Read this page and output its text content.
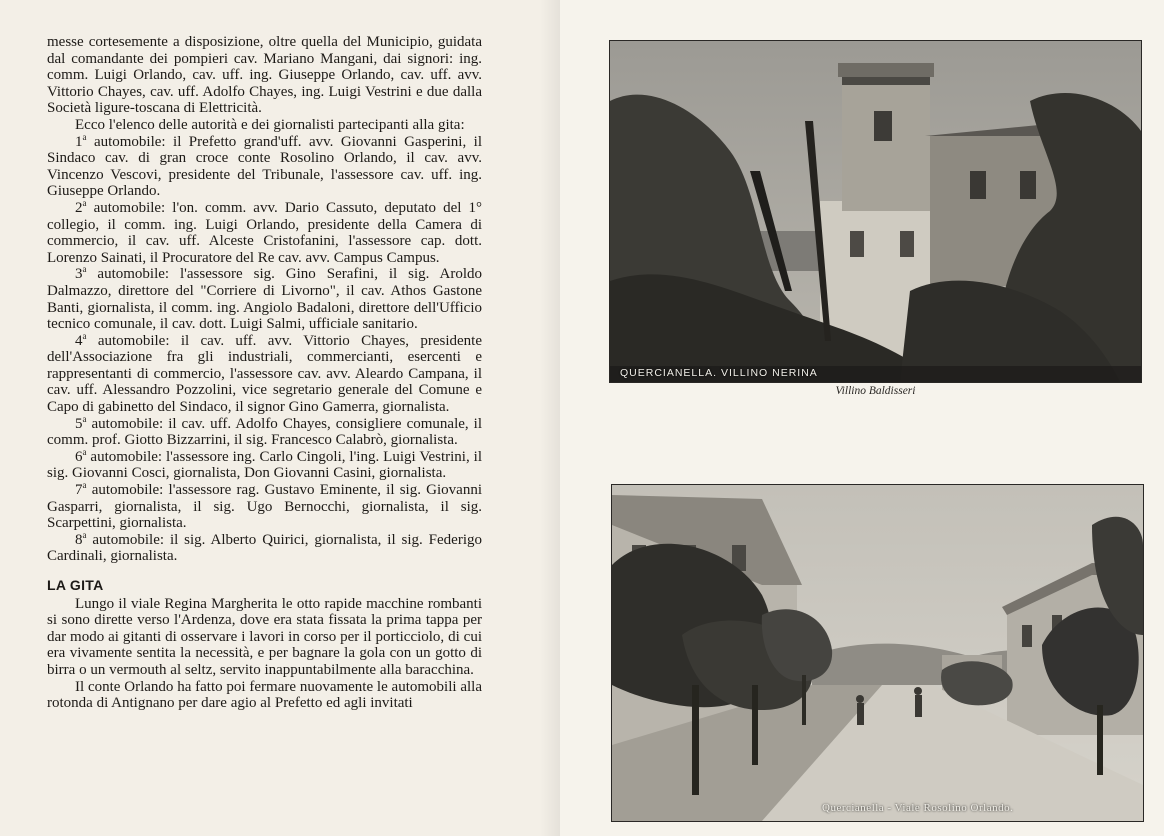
messe cortesemente a disposizione, oltre quella del Municipio, guidata dal comandante dei pompieri cav. Mariano Mangani, dai signori: ing. comm. Luigi Orlando, cav. uff. ing. Giuseppe Orlando, cav. uff. avv. Vittorio Chayes, cav. uff. Adolfo Chayes, ing. Luigi Vestrini e due dalla Società ligure-toscana di Elettricità.

Ecco l'elenco delle autorità e dei giornalisti partecipanti alla gita:

1$^a$ automobile: il Prefetto grand'uff. avv. Giovanni Gasperini, il Sindaco cav. di gran croce conte Rosolino Orlando, il cav. avv. Vincenzo Vescovi, presidente del Tribunale, l'assessore cav. uff. ing. Giuseppe Orlando.

2$^a$ automobile: l'on. comm. avv. Dario Cassuto, deputato del 1° collegio, il comm. ing. Luigi Orlando, presidente della Camera di commercio, il cav. uff. Alceste Cristofanini, l'assessore cap. dott. Lorenzo Sainati, il Procuratore del Re cav. avv. Campus Campus.

3$^a$ automobile: l'assessore sig. Gino Serafini, il sig. Aroldo Dalmazzo, direttore del "Corriere di Livorno", il cav. Athos Gastone Banti, giornalista, il comm. ing. Angiolo Badaloni, direttore dell'Ufficio tecnico comunale, il cav. dott. Luigi Salmi, ufficiale sanitario.

4$^a$ automobile: il cav. uff. avv. Vittorio Chayes, presidente dell'Associazione fra gli industriali, commercianti, esercenti e rappresentanti di commercio, l'assessore cav. avv. Aleardo Campana, il cav. uff. Alessandro Pozzolini, vice segretario generale del Comune e Capo di gabinetto del Sindaco, il signor Gino Gamerra, giornalista.

5$^a$ automobile: il cav. uff. Adolfo Chayes, consigliere comunale, il comm. prof. Giotto Bizzarrini, il sig. Francesco Calabrò, giornalista.

6$^a$ automobile: l'assessore ing. Carlo Cingoli, l'ing. Luigi Vestrini, il sig. Giovanni Cosci, giornalista, Don Giovanni Casini, giornalista.

7$^a$ automobile: l'assessore rag. Gustavo Eminente, il sig. Giovanni Gasparri, giornalista, il sig. Ugo Bernocchi, giornalista, il sig. Scarpettini, giornalista.

8$^a$ automobile: il sig. Alberto Quirici, giornalista, il sig. Federigo Cardinali, giornalista.

LA GITA

Lungo il viale Regina Margherita le otto rapide macchine rombanti si sono dirette verso l'Ardenza, dove era stata fissata la prima tappa per dar modo ai gitanti di osservare i lavori in corso per il porticciolo, di cui era vivamente sentita la necessità, e per bagnare la gola con un gotto di birra o un vermouth al seltz, servito inappuntabilmente alla baracchina.

Il conte Orlando ha fatto poi fermare nuovamente le automobili alla rotonda di Antignano per dare agio al Prefetto ed agli invitati

QUERCIANELLA. VILLINO NERINA
Villino Baldisseri
Quercianella - Viale Rosolino Orlando.
